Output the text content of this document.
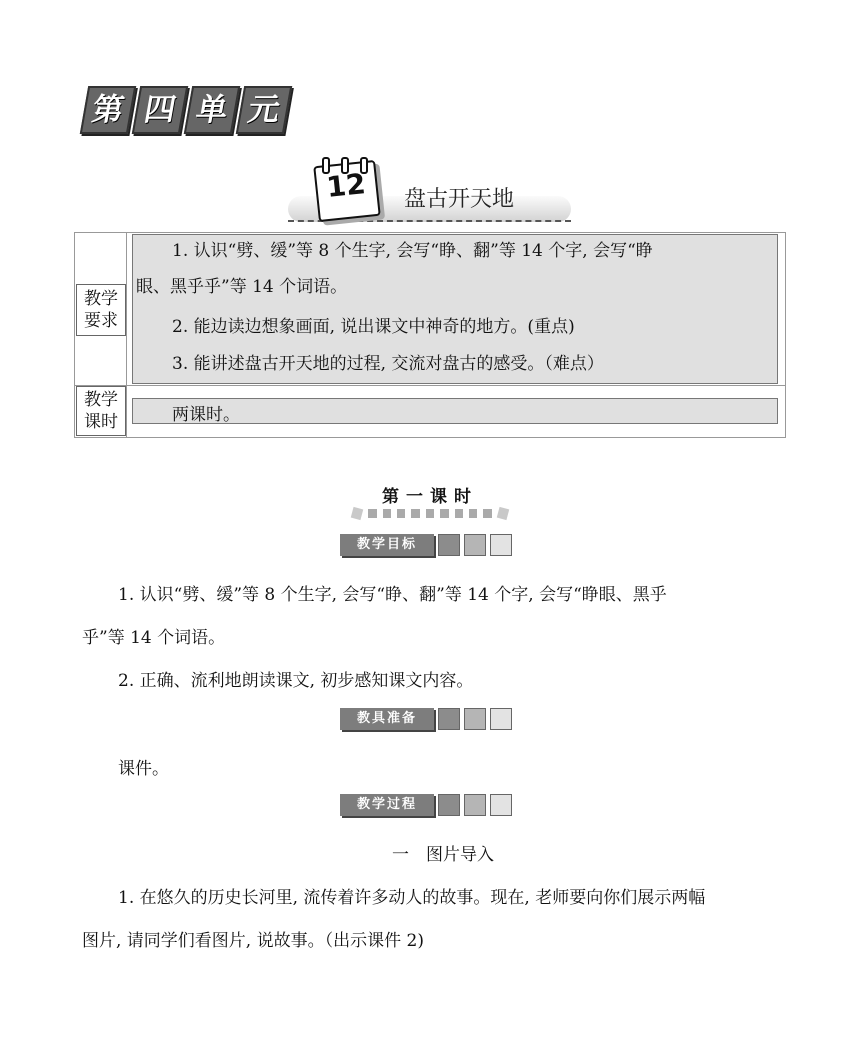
第 四 单 元
12	盘古开天地
教学
要求
教学
课时
1. 认识“劈、缓”等 8 个生字, 会写“睁、翻”等 14 个字, 会写“睁
眼、黑乎乎”等 14 个词语。
2. 能边读边想象画面, 说出课文中神奇的地方。(重点)
3. 能讲述盘古开天地的过程, 交流对盘古的感受。（难点）
两课时。
第一课时
教学目标
1. 认识“劈、缓”等 8 个生字, 会写“睁、翻”等 14 个字, 会写“睁眼、黑乎
乎”等 14 个词语。
2. 正确、流利地朗读课文, 初步感知课文内容。
教具准备
课件。
教学过程
一　图片导入
1. 在悠久的历史长河里, 流传着许多动人的故事。现在, 老师要向你们展示两幅
图片, 请同学们看图片, 说故事。（出示课件 2)
